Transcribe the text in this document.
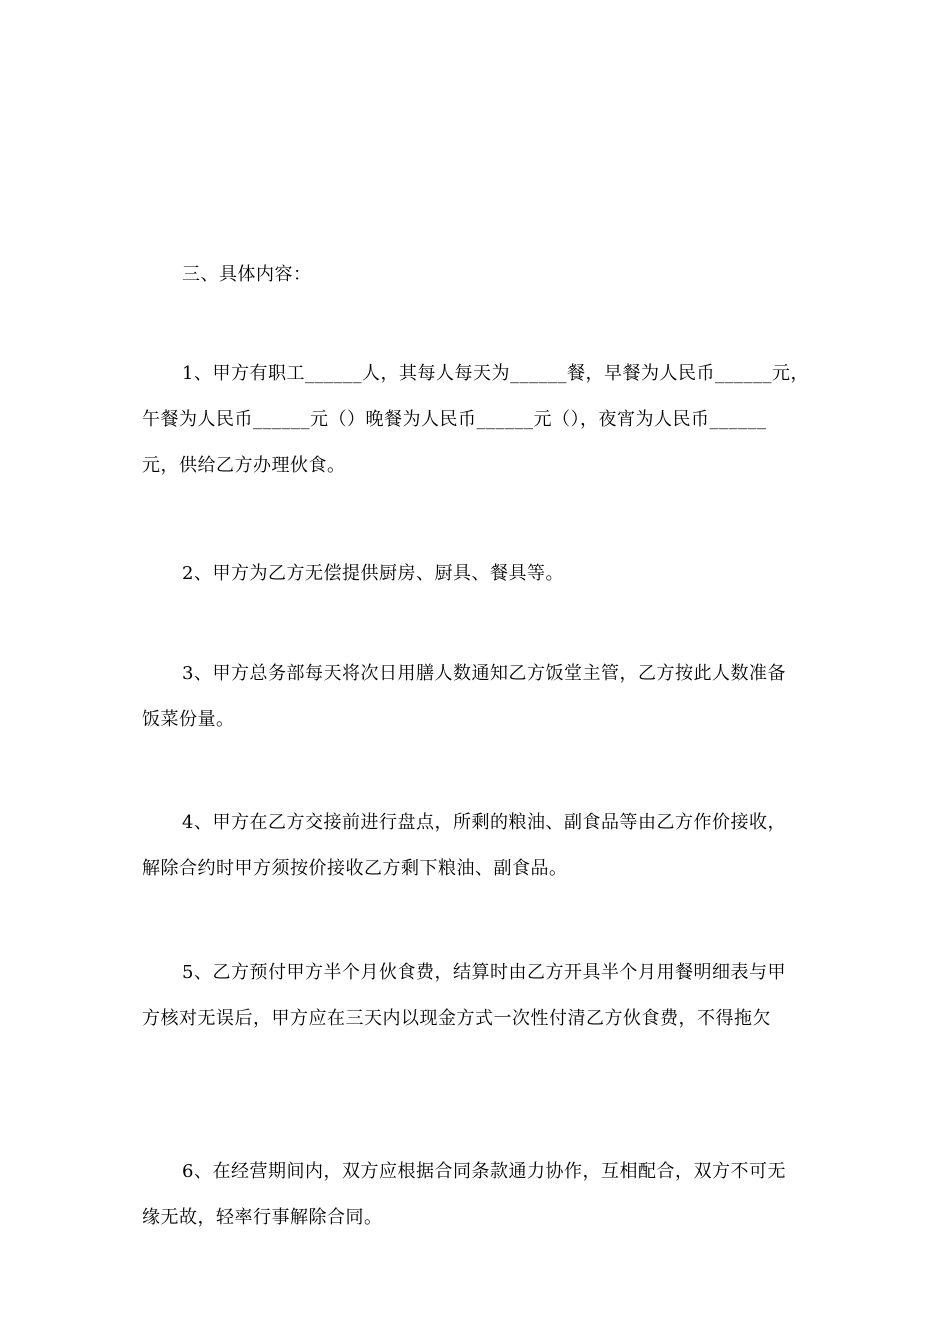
三、具体内容：

1、甲方有职工______人，其每人每天为______餐，早餐为人民币______元，
午餐为人民币______元（）晚餐为人民币______元（），夜宵为人民币______
元，供给乙方办理伙食。

2、甲方为乙方无偿提供厨房、厨具、餐具等。

3、甲方总务部每天将次日用膳人数通知乙方饭堂主管，乙方按此人数准备
饭菜份量。

4、甲方在乙方交接前进行盘点，所剩的粮油、副食品等由乙方作价接收，
解除合约时甲方须按价接收乙方剩下粮油、副食品。

5、乙方预付甲方半个月伙食费，结算时由乙方开具半个月用餐明细表与甲
方核对无误后，甲方应在三天内以现金方式一次性付清乙方伙食费，不得拖欠

6、在经营期间内，双方应根据合同条款通力协作，互相配合，双方不可无
缘无故，轻率行事解除合同。
